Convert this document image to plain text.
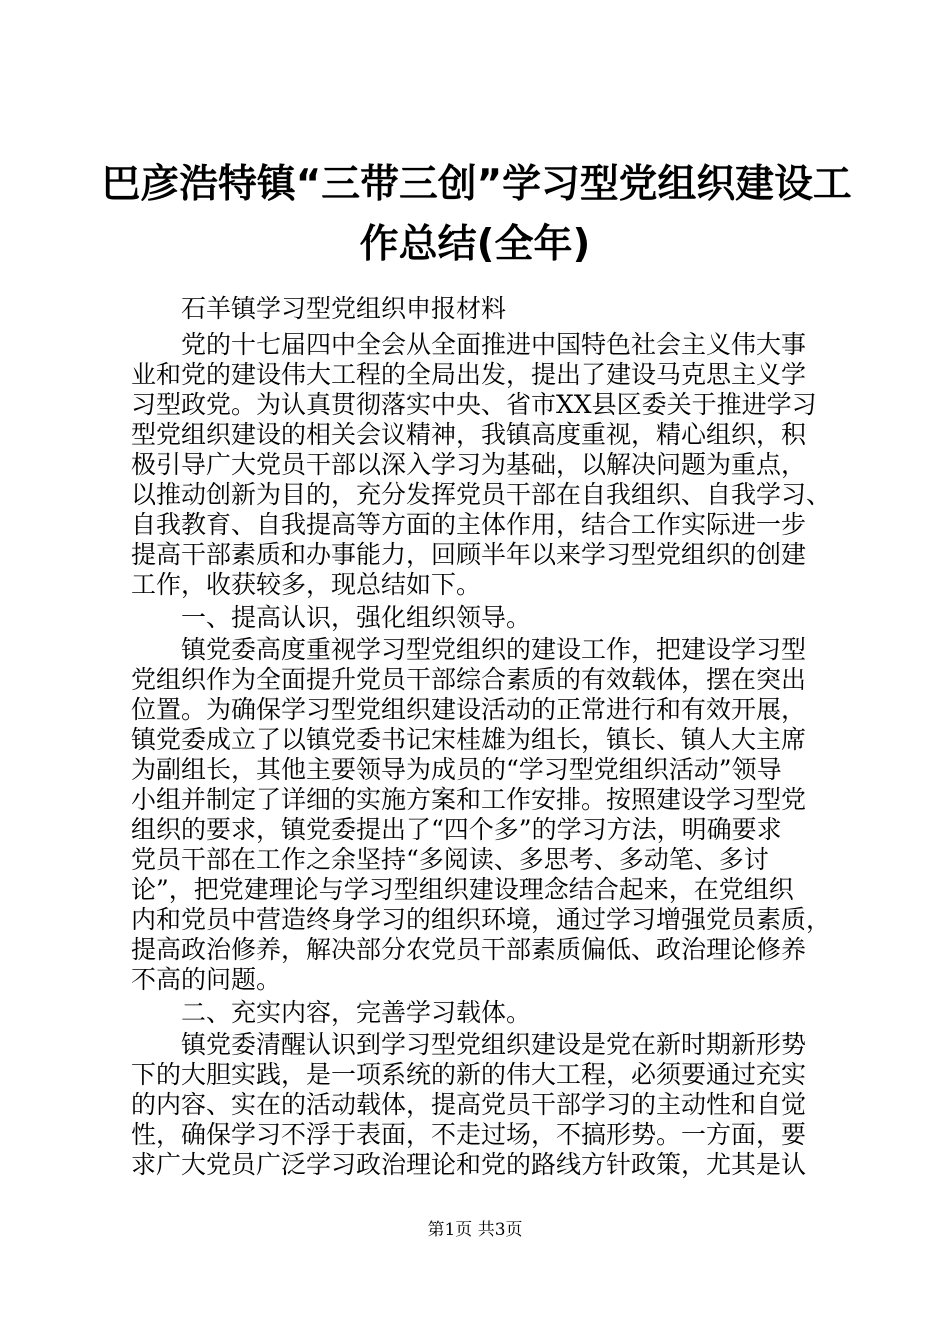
巴彦浩特镇“三带三创”学习型党组织建设工
作总结(全年)
石羊镇学习型党组织申报材料
党的十七届四中全会从全面推进中国特色社会主义伟大事
业和党的建设伟大工程的全局出发，提出了建设马克思主义学
习型政党。为认真贯彻落实中央、省市XX县区委关于推进学习
型党组织建设的相关会议精神，我镇高度重视，精心组织，积
极引导广大党员干部以深入学习为基础，以解决问题为重点，
以推动创新为目的，充分发挥党员干部在自我组织、自我学习、
自我教育、自我提高等方面的主体作用，结合工作实际进一步
提高干部素质和办事能力，回顾半年以来学习型党组织的创建
工作，收获较多，现总结如下。
一、提高认识，强化组织领导。
镇党委高度重视学习型党组织的建设工作，把建设学习型
党组织作为全面提升党员干部综合素质的有效载体，摆在突出
位置。为确保学习型党组织建设活动的正常进行和有效开展，
镇党委成立了以镇党委书记宋桂雄为组长，镇长、镇人大主席
为副组长，其他主要领导为成员的“学习型党组织活动”领导
小组并制定了详细的实施方案和工作安排。按照建设学习型党
组织的要求，镇党委提出了“四个多”的学习方法，明确要求
党员干部在工作之余坚持“多阅读、多思考、多动笔、多讨
论”，把党建理论与学习型组织建设理念结合起来，在党组织
内和党员中营造终身学习的组织环境，通过学习增强党员素质，
提高政治修养，解决部分农党员干部素质偏低、政治理论修养
不高的问题。
二、充实内容，完善学习载体。
镇党委清醒认识到学习型党组织建设是党在新时期新形势
下的大胆实践，是一项系统的新的伟大工程，必须要通过充实
的内容、实在的活动载体，提高党员干部学习的主动性和自觉
性，确保学习不浮于表面，不走过场，不搞形势。一方面，要
求广大党员广泛学习政治理论和党的路线方针政策，尤其是认
第1页 共3页
